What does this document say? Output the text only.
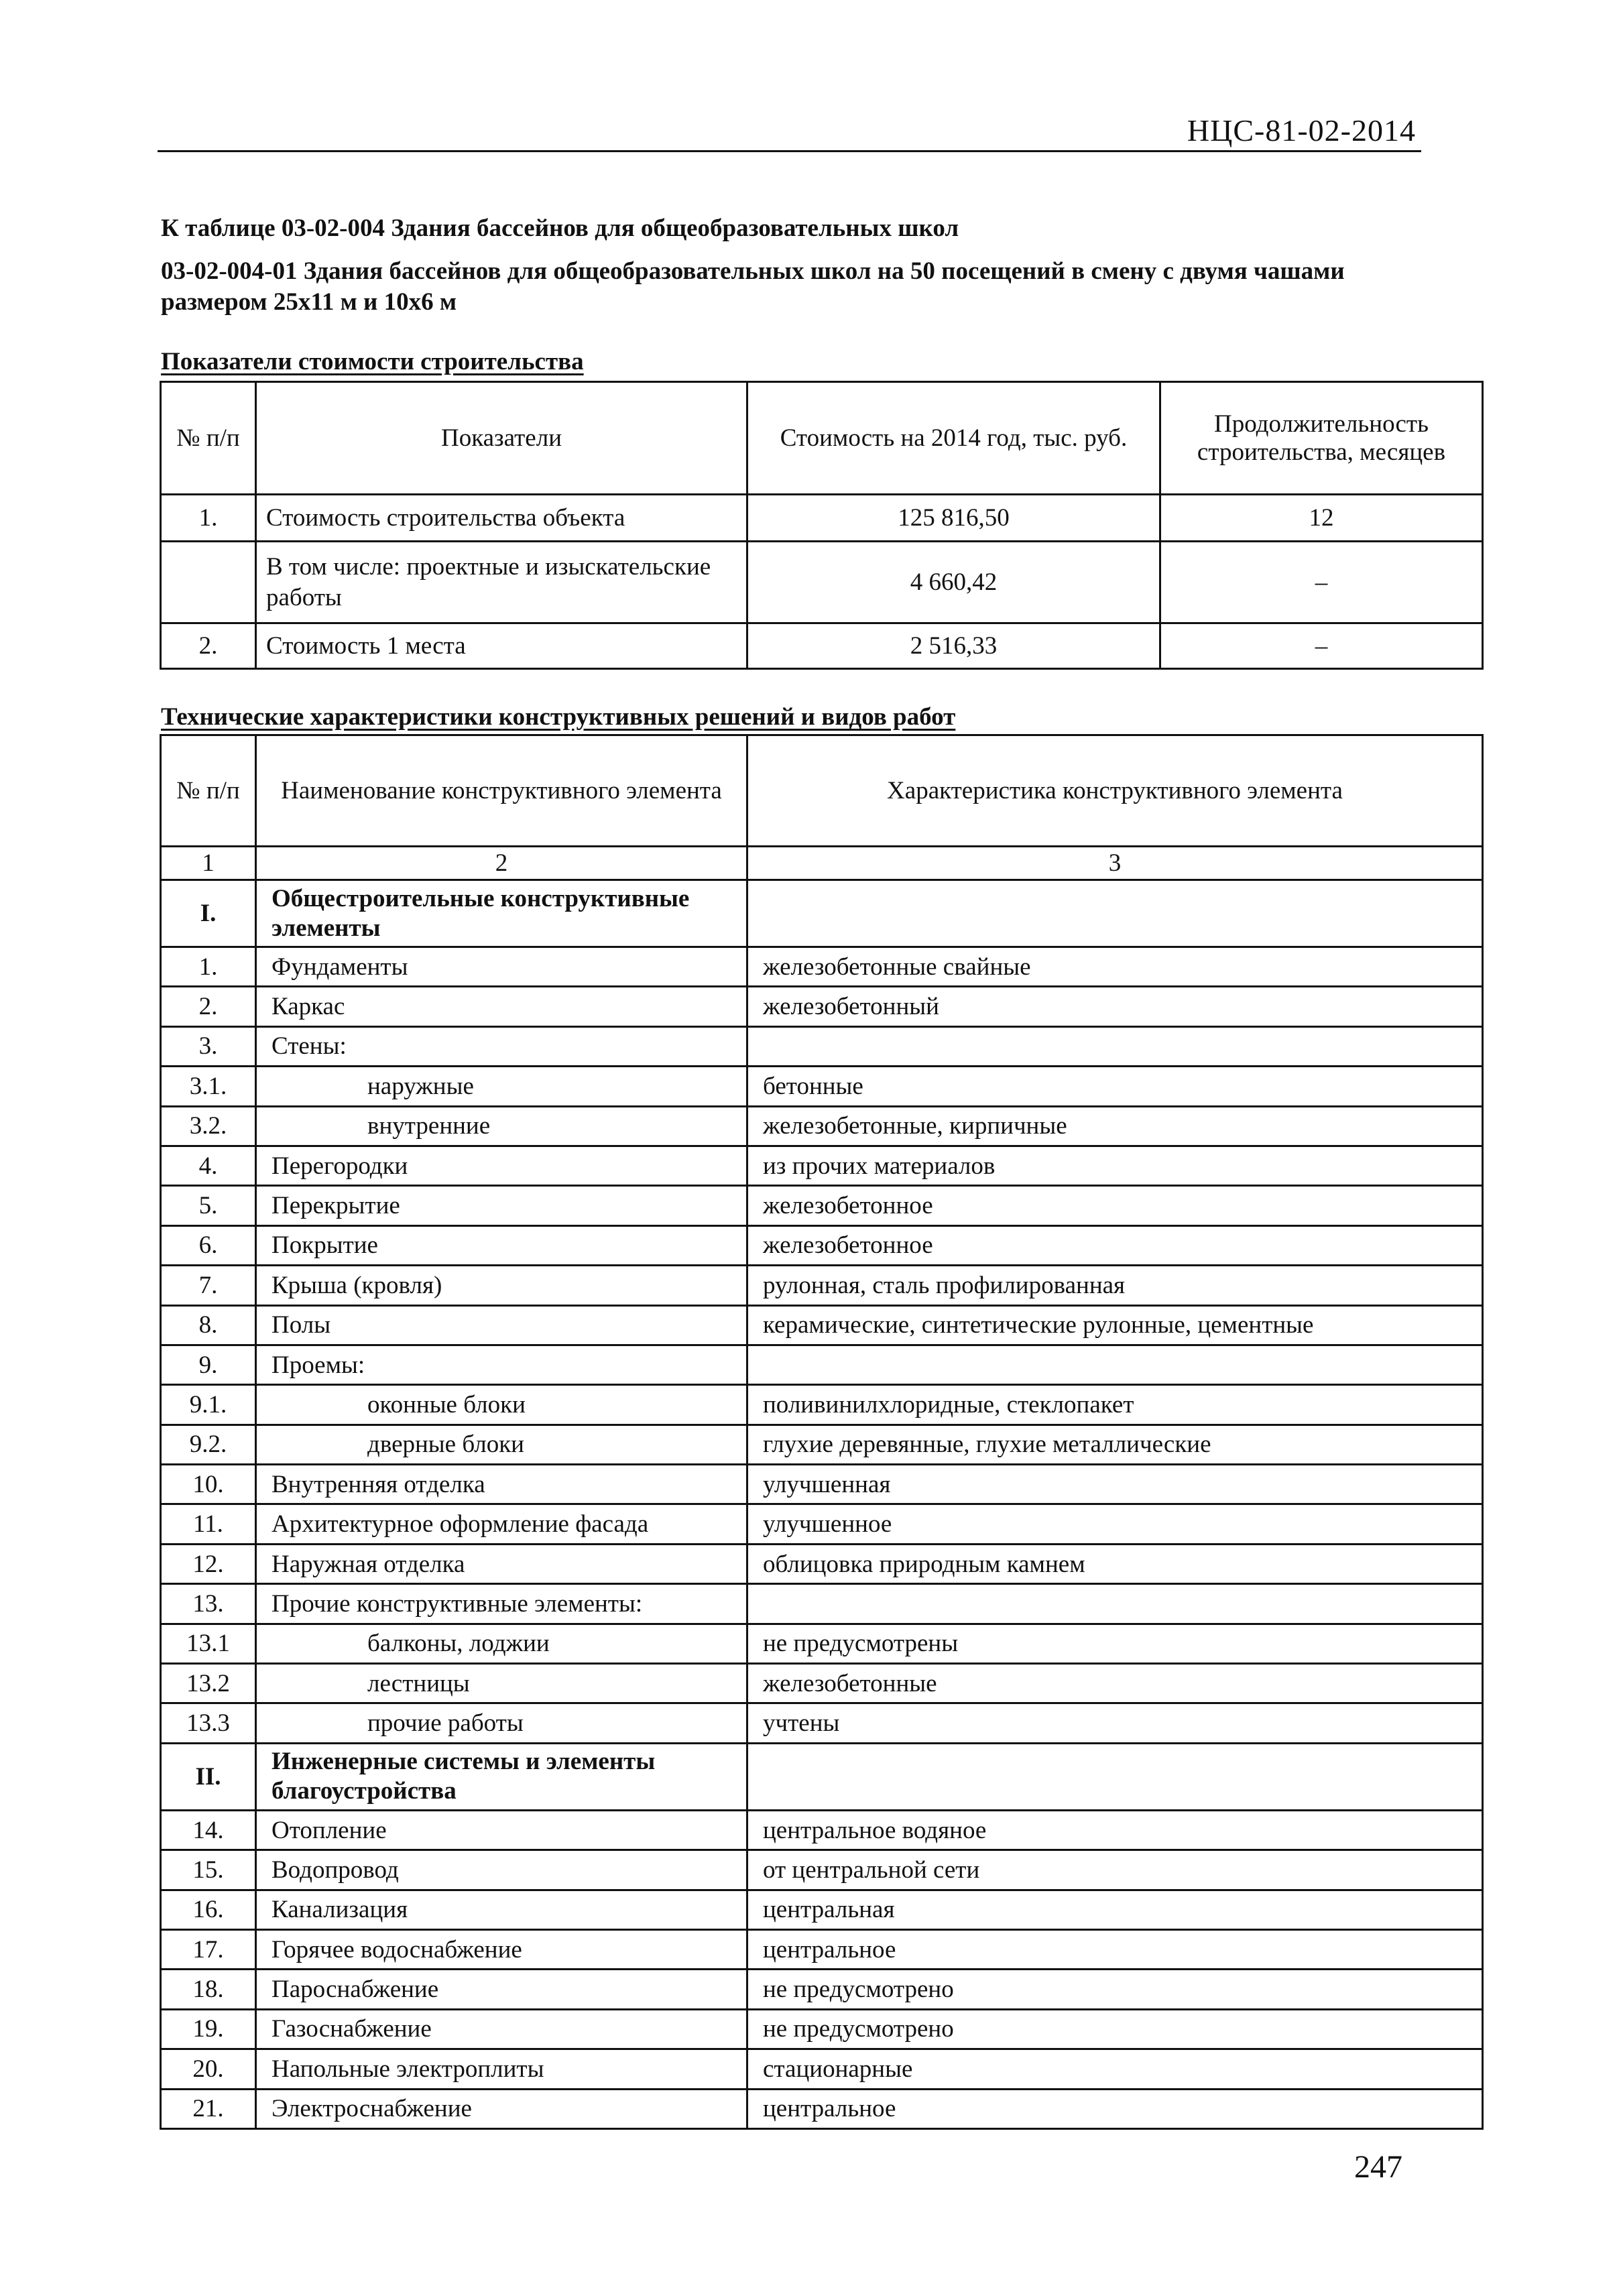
НЦС-81-02-2014
К таблице 03-02-004 Здания бассейнов для общеобразовательных школ
03-02-004-01 Здания бассейнов для общеобразовательных школ на 50 посещений в смену с двумя чашами размером 25х11 м и 10х6 м
Показатели стоимости строительства
№ п/п	Показатели	Стоимость на 2014 год, тыс. руб.	Продолжительность строительства, месяцев
1.	Стоимость строительства объекта	125 816,50	12
	В том числе: проектные и изыскательские работы	4 660,42	–
2.	Стоимость 1 места	2 516,33	–
Технические характеристики конструктивных решений и видов работ
№ п/п	Наименование конструктивного элемента	Характеристика конструктивного элемента
1	2	3
I.	Общестроительные конструктивные элементы	
1.	Фундаменты	железобетонные свайные
2.	Каркас	железобетонный
3.	Стены:	
3.1.	наружные	бетонные
3.2.	внутренние	железобетонные, кирпичные
4.	Перегородки	из прочих материалов
5.	Перекрытие	железобетонное
6.	Покрытие	железобетонное
7.	Крыша (кровля)	рулонная, сталь профилированная
8.	Полы	керамические, синтетические рулонные, цементные
9.	Проемы:	
9.1.	оконные блоки	поливинилхлоридные, стеклопакет
9.2.	дверные блоки	глухие деревянные, глухие металлические
10.	Внутренняя отделка	улучшенная
11.	Архитектурное оформление фасада	улучшенное
12.	Наружная отделка	облицовка природным камнем
13.	Прочие конструктивные элементы:	
13.1	балконы, лоджии	не предусмотрены
13.2	лестницы	железобетонные
13.3	прочие работы	учтены
II.	Инженерные системы и элементы благоустройства	
14.	Отопление	центральное водяное
15.	Водопровод	от центральной сети
16.	Канализация	центральная
17.	Горячее водоснабжение	центральное
18.	Пароснабжение	не предусмотрено
19.	Газоснабжение	не предусмотрено
20.	Напольные электроплиты	стационарные
21.	Электроснабжение	центральное
247
